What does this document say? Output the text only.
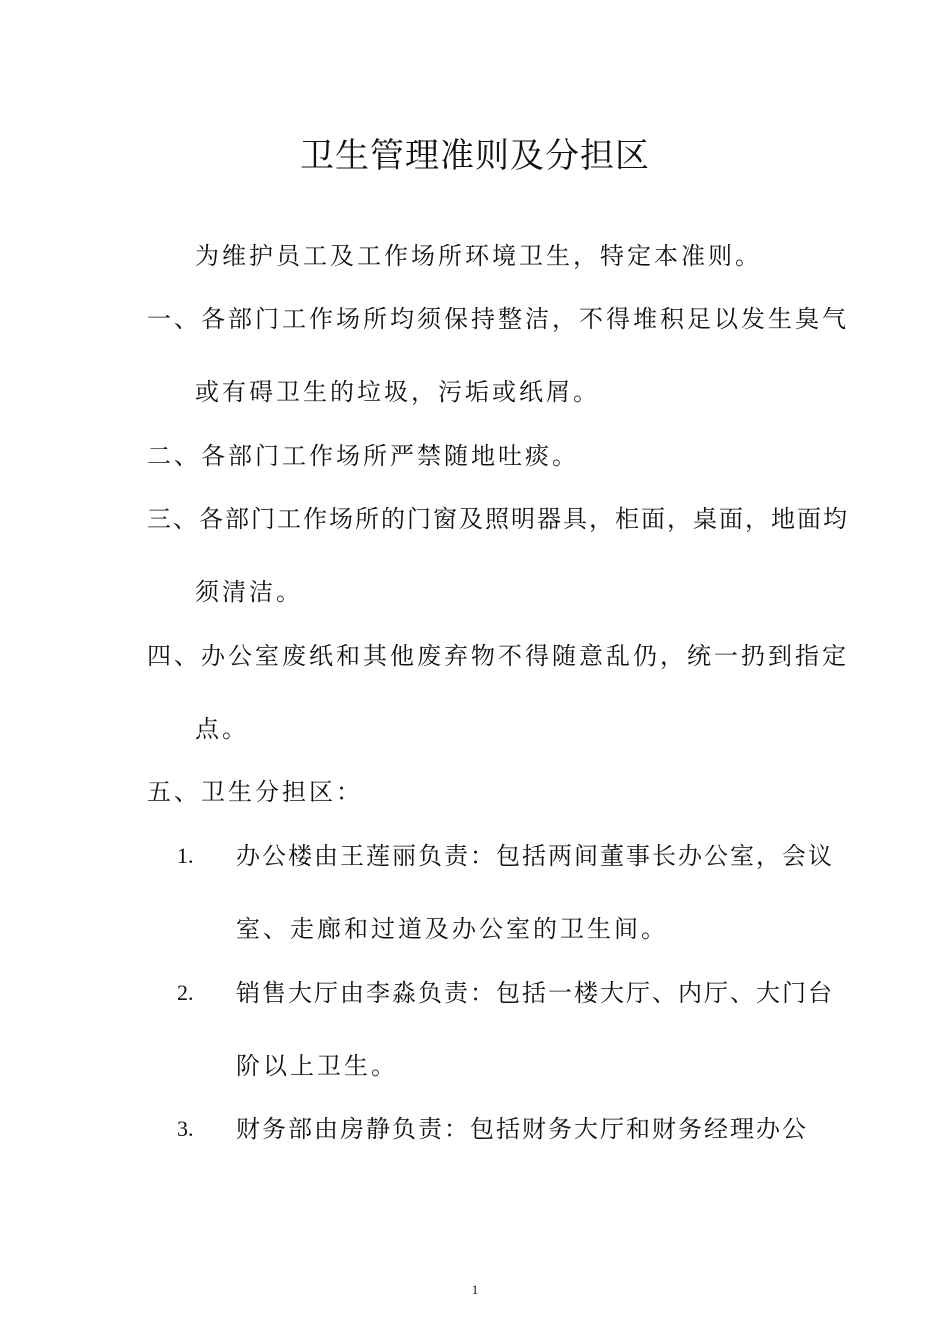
卫生管理准则及分担区
为维护员工及工作场所环境卫生，特定本准则。
一、各部门工作场所均须保持整洁，不得堆积足以发生臭气
或有碍卫生的垃圾，污垢或纸屑。
二、各部门工作场所严禁随地吐痰。
三、各部门工作场所的门窗及照明器具，柜面，桌面，地面均
须清洁。
四、办公室废纸和其他废弃物不得随意乱仍，统一扔到指定
点。
五、卫生分担区：
1. 办公楼由王莲丽负责：包括两间董事长办公室，会议
室、走廊和过道及办公室的卫生间。
2. 销售大厅由李淼负责：包括一楼大厅、内厅、大门台
阶以上卫生。
3. 财务部由房静负责：包括财务大厅和财务经理办公
1
